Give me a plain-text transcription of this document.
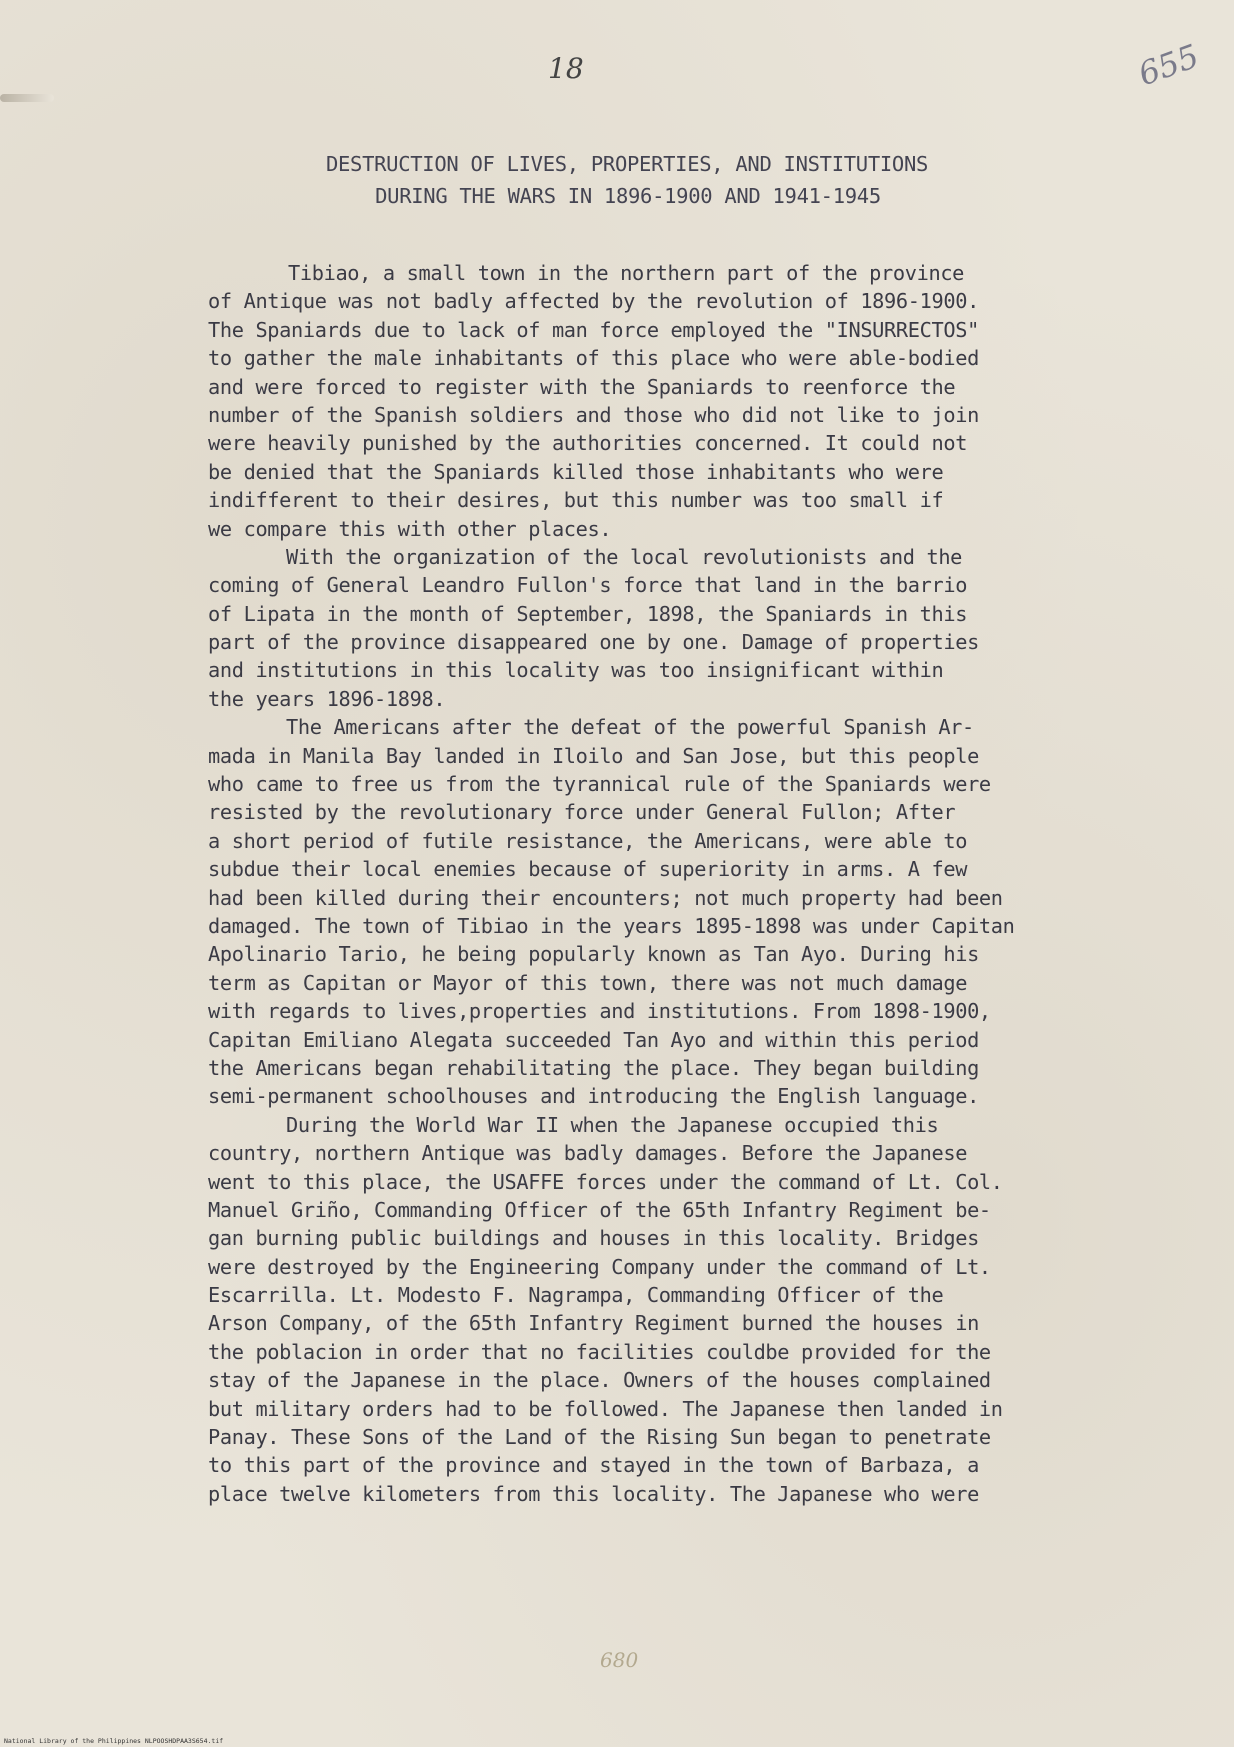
18	655
DESTRUCTION OF LIVES, PROPERTIES, AND INSTITUTIONS
DURING THE WARS IN 1896-1900 AND 1941-1945
Tibiao, a small town in the northern part of the province
of Antique was not badly affected by the revolution of 1896-1900.
The Spaniards due to lack of man force employed the "INSURRECTOS"
to gather the male inhabitants of this place who were able-bodied
and were forced to register with the Spaniards to reenforce the
number of the Spanish soldiers and those who did not like to join
were heavily punished by the authorities concerned. It could not
be denied that the Spaniards killed those inhabitants who were
indifferent to their desires, but this number was too small if
we compare this with other places.
With the organization of the local revolutionists and the
coming of General Leandro Fullon's force that land in the barrio
of Lipata in the month of September, 1898, the Spaniards in this
part of the province disappeared one by one. Damage of properties
and institutions in this locality was too insignificant within
the years 1896-1898.
The Americans after the defeat of the powerful Spanish Ar-
mada in Manila Bay landed in Iloilo and San Jose, but this people
who came to free us from the tyrannical rule of the Spaniards were
resisted by the revolutionary force under General Fullon; After
a short period of futile resistance, the Americans, were able to
subdue their local enemies because of superiority in arms. A few
had been killed during their encounters; not much property had been
damaged. The town of Tibiao in the years 1895-1898 was under Capitan
Apolinario Tario, he being popularly known as Tan Ayo. During his
term as Capitan or Mayor of this town, there was not much damage
with regards to lives,properties and institutions. From 1898-1900,
Capitan Emiliano Alegata succeeded Tan Ayo and within this period
the Americans began rehabilitating the place. They began building
semi-permanent schoolhouses and introducing the English language.
During the World War II when the Japanese occupied this
country, northern Antique was badly damages. Before the Japanese
went to this place, the USAFFE forces under the command of Lt. Col.
Manuel Griño, Commanding Officer of the 65th Infantry Regiment be-
gan burning public buildings and houses in this locality. Bridges
were destroyed by the Engineering Company under the command of Lt.
Escarrilla. Lt. Modesto F. Nagrampa, Commanding Officer of the
Arson Company, of the 65th Infantry Regiment burned the houses in
the poblacion in order that no facilities couldbe provided for the
stay of the Japanese in the place. Owners of the houses complained
but military orders had to be followed. The Japanese then landed in
Panay. These Sons of the Land of the Rising Sun began to penetrate
to this part of the province and stayed in the town of Barbaza, a
place twelve kilometers from this locality. The Japanese who were
680
National Library of the Philippines NLPOOSHDPAA3S654.tif
